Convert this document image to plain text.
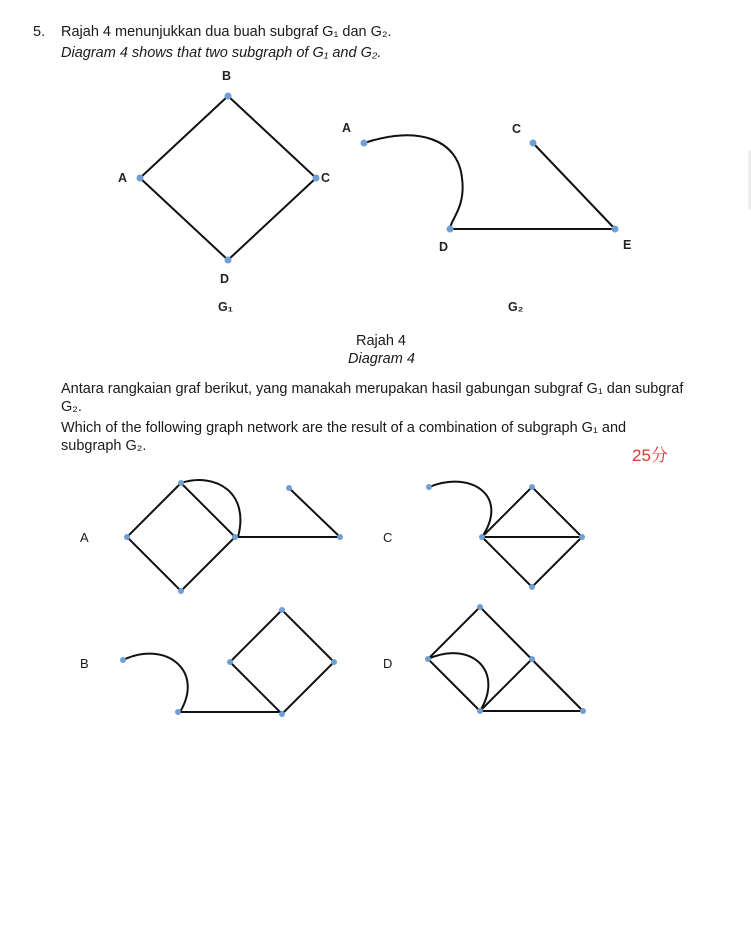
5. Rajah 4 menunjukkan dua buah subgraf G₁ dan G₂.
Diagram 4 shows that two subgraph of G₁ and G₂.
B
A	C
D
G₁
A	C
D	E
G₂
Rajah 4
Diagram 4
Antara rangkaian graf berikut, yang manakah merupakan hasil gabungan subgraf G₁ dan subgraf
G₂.
Which of the following graph network are the result of a combination of subgraph G₁ and
subgraph G₂.	25分
A
B
C
D
